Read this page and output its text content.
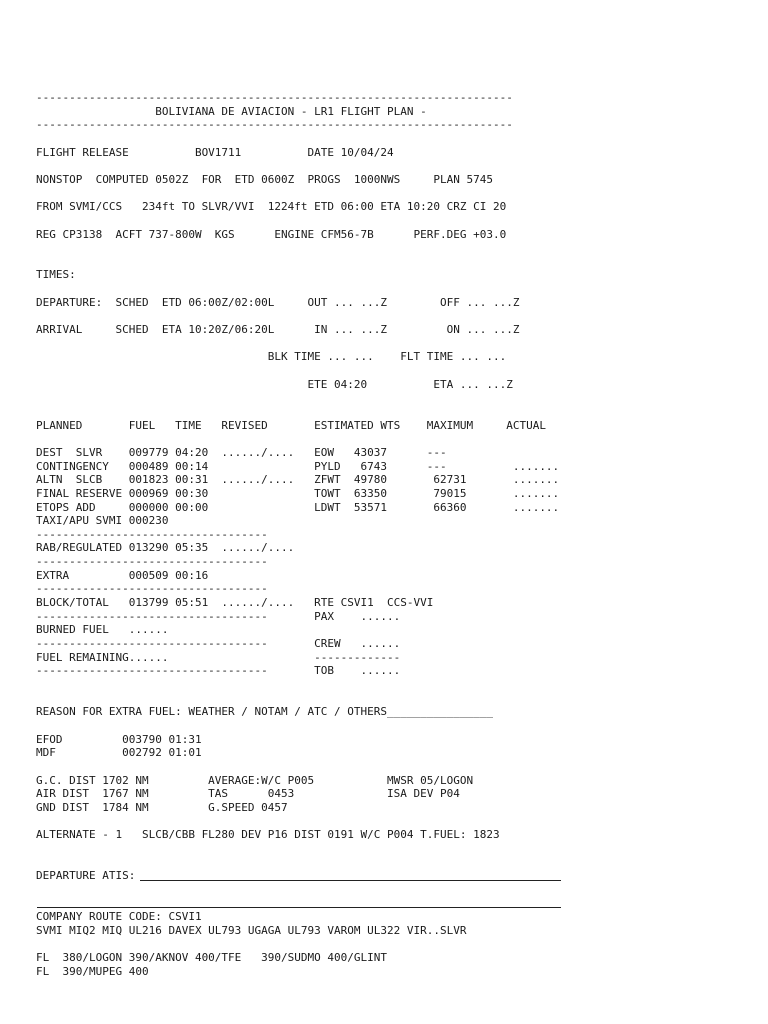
------------------------------------------------------------------------
BOLIVIANA DE AVIACION - LR1 FLIGHT PLAN -
------------------------------------------------------------------------
FLIGHT RELEASE          BOV1711          DATE 10/04/24
NONSTOP  COMPUTED 0502Z  FOR  ETD 0600Z  PROGS  1000NWS     PLAN 5745
FROM SVMI/CCS   234ft TO SLVR/VVI  1224ft ETD 06:00 ETA 10:20 CRZ CI 20
REG CP3138  ACFT 737-800W  KGS      ENGINE CFM56-7B      PERF.DEG +03.0
TIMES:
DEPARTURE:  SCHED  ETD 06:00Z/02:00L     OUT ... ...Z        OFF ... ...Z
ARRIVAL     SCHED  ETA 10:20Z/06:20L      IN ... ...Z         ON ... ...Z
BLK TIME ... ...    FLT TIME ... ...
ETE 04:20          ETA ... ...Z
PLANNED       FUEL   TIME   REVISED       ESTIMATED WTS    MAXIMUM     ACTUAL
DEST  SLVR    009779 04:20  ....../....   EOW   43037      ---
CONTINGENCY   000489 00:14                PYLD   6743      ---          .......
ALTN  SLCB    001823 00:31  ....../....   ZFWT  49780       62731       .......
FINAL RESERVE 000969 00:30                TOWT  63350       79015       .......
ETOPS ADD     000000 00:00                LDWT  53571       66360       .......
TAXI/APU SVMI 000230
-----------------------------------
RAB/REGULATED 013290 05:35  ....../....
-----------------------------------
EXTRA         000509 00:16
-----------------------------------
BLOCK/TOTAL   013799 05:51  ....../....   RTE CSVI1  CCS-VVI
-----------------------------------       PAX    ......
BURNED FUEL   ......
-----------------------------------       CREW   ......
FUEL REMAINING......                      -------------
-----------------------------------       TOB    ......
REASON FOR EXTRA FUEL: WEATHER / NOTAM / ATC / OTHERS________________
EFOD         003790 01:31
MDF          002792 01:01
G.C. DIST 1702 NM         AVERAGE:W/C P005           MWSR 05/LOGON
AIR DIST  1767 NM         TAS      0453              ISA DEV P04
GND DIST  1784 NM         G.SPEED 0457
ALTERNATE - 1   SLCB/CBB FL280 DEV P16 DIST 0191 W/C P004 T.FUEL: 1823
DEPARTURE ATIS:
COMPANY ROUTE CODE: CSVI1
SVMI MIQ2 MIQ UL216 DAVEX UL793 UGAGA UL793 VAROM UL322 VIR..SLVR
FL  380/LOGON 390/AKNOV 400/TFE   390/SUDMO 400/GLINT
FL  390/MUPEG 400
